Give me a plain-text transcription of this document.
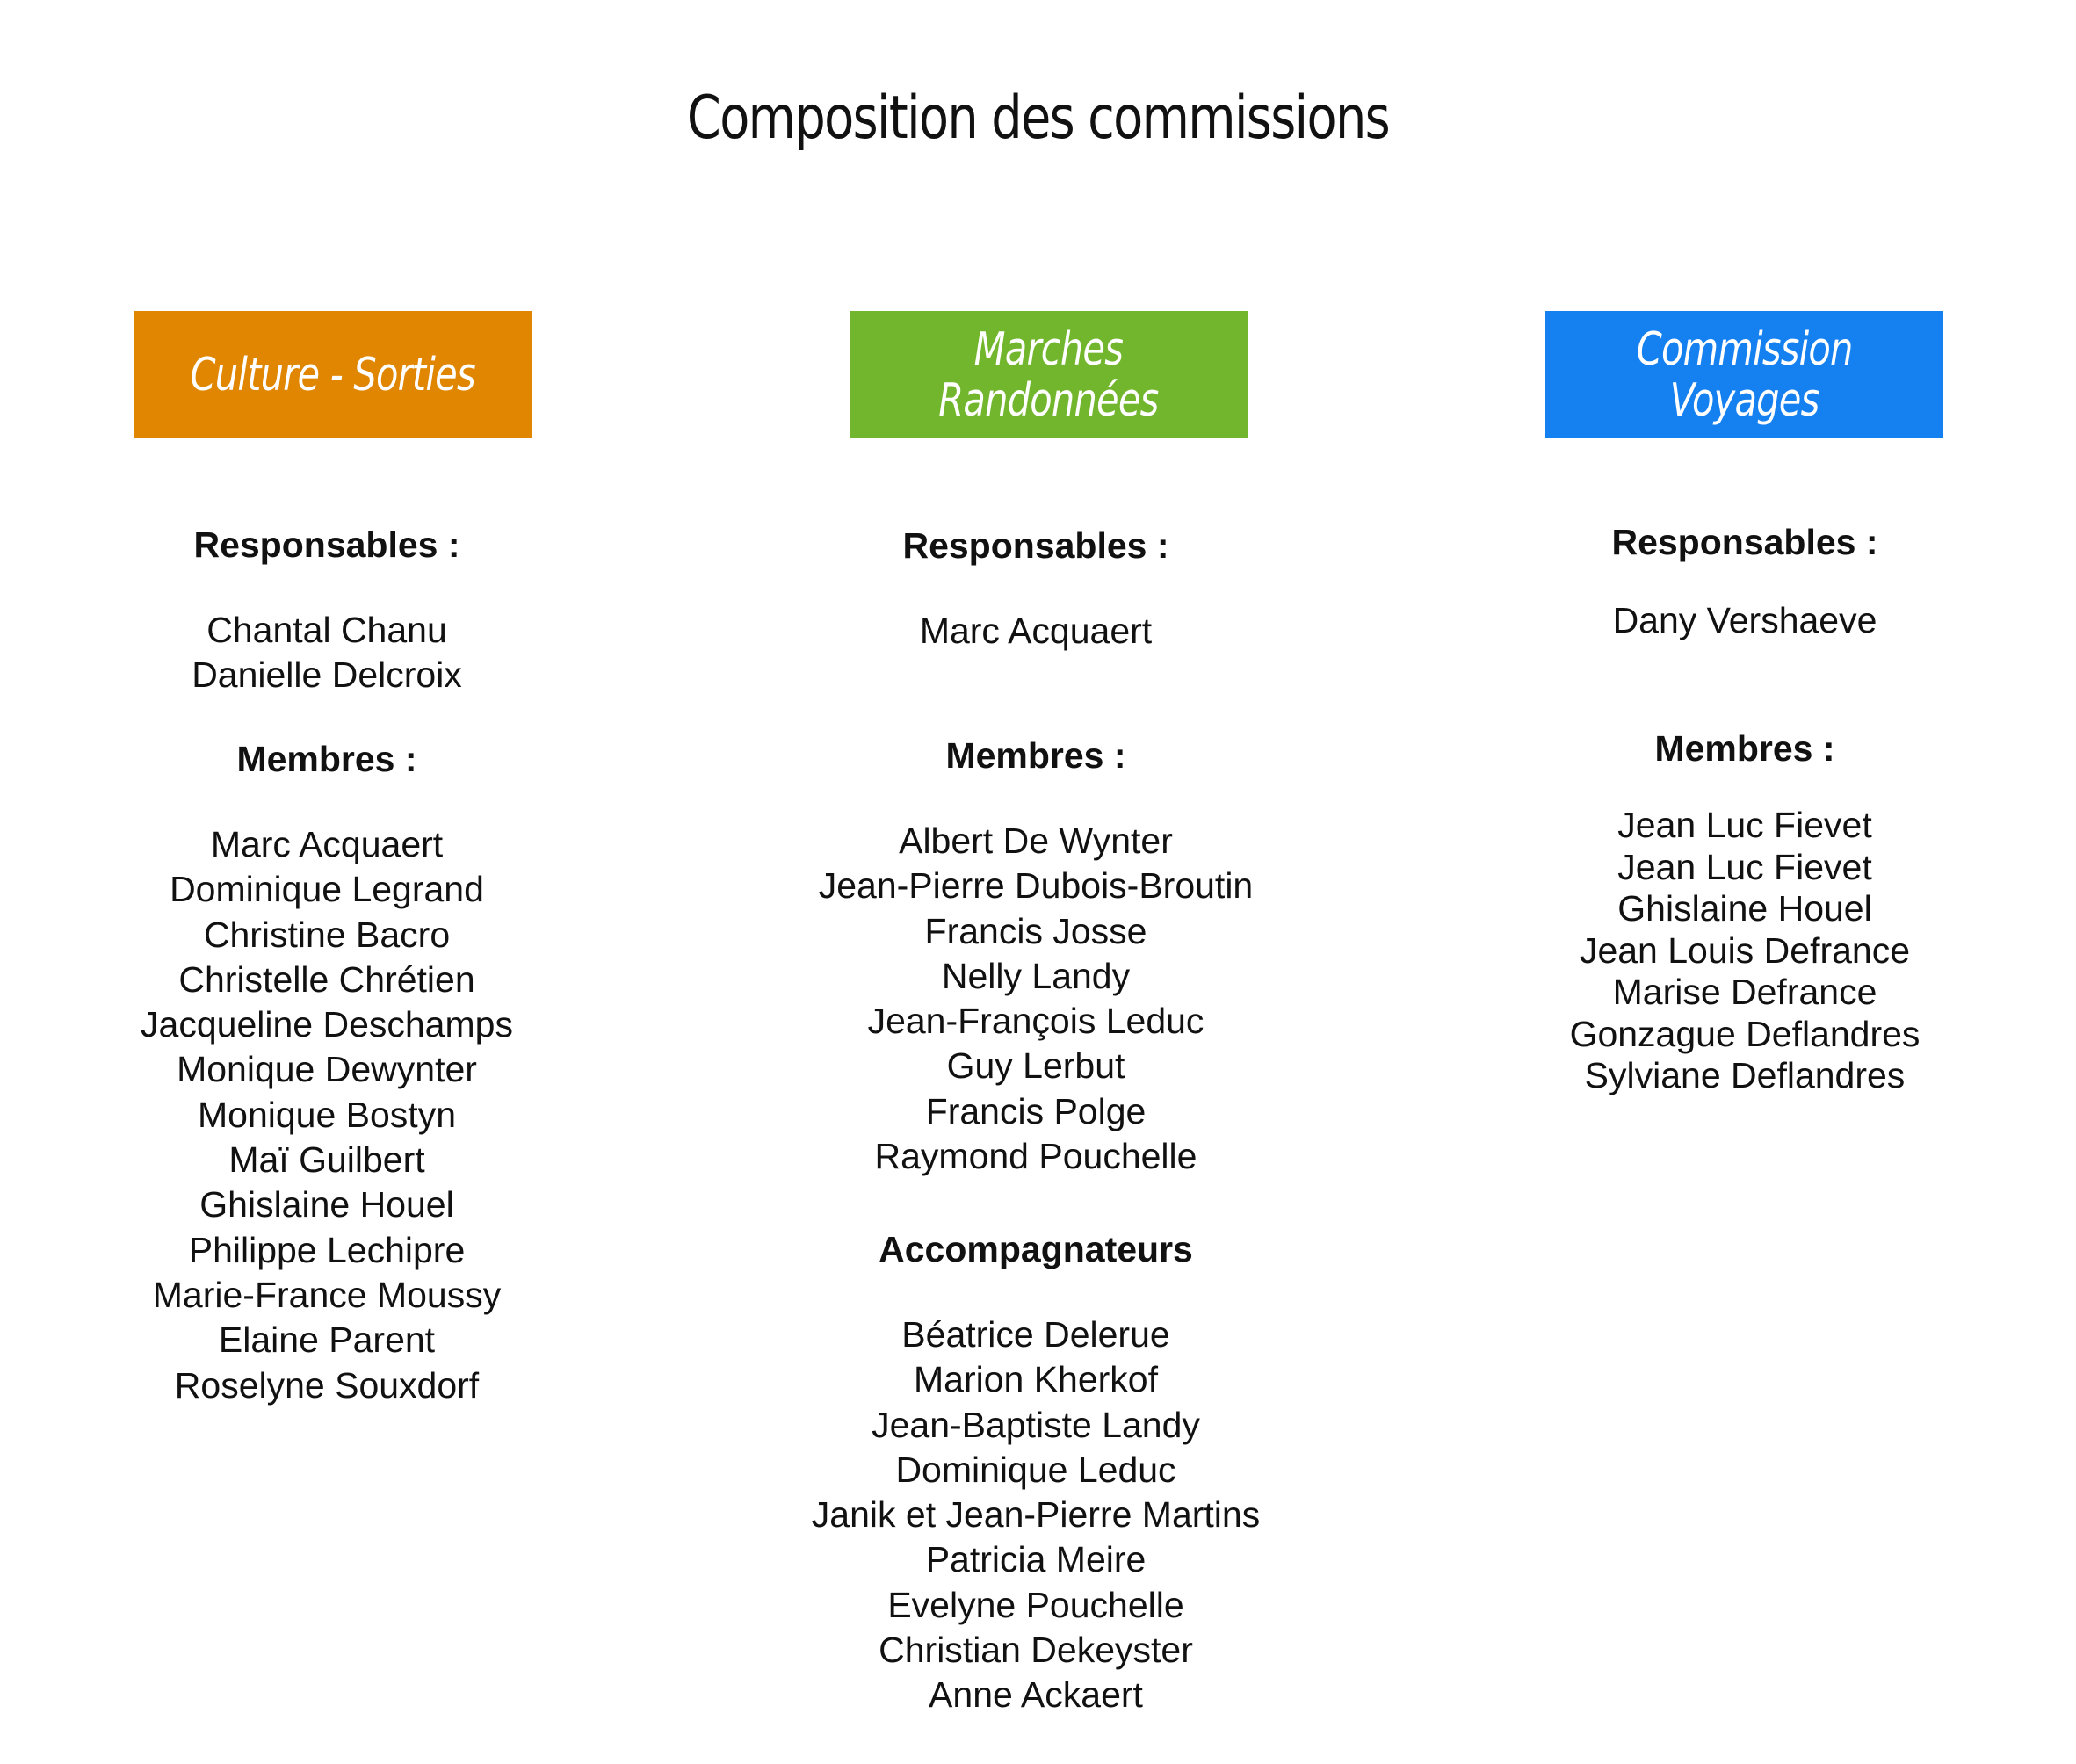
Composition des commissions
Culture - Sorties	Marches
Randonnées
Commission
Voyages

Responsables :

Chantal Chanu
Danielle Delcroix

Membres :

Marc Acquaert
Dominique Legrand
Christine Bacro
Christelle Chrétien
Jacqueline Deschamps
Monique Dewynter
Monique Bostyn
Maï Guilbert
Ghislaine Houel
Philippe Lechipre
Marie-France Moussy
Elaine Parent
Roselyne Souxdorf

Responsables :

Marc Acquaert

Membres :

Albert De Wynter
Jean-Pierre Dubois-Broutin
Francis Josse
Nelly Landy
Jean-François Leduc
Guy Lerbut
Francis Polge
Raymond Pouchelle

Accompagnateurs

Béatrice Delerue
Marion Kherkof
Jean-Baptiste Landy
Dominique Leduc
Janik et Jean-Pierre Martins
Patricia Meire
Evelyne Pouchelle
Christian Dekeyster
Anne Ackaert

Responsables :

Dany Vershaeve

Membres :

Jean Luc Fievet
Jean Luc Fievet
Ghislaine Houel
Jean Louis Defrance
Marise Defrance
Gonzague Deflandres
Sylviane Deflandres
